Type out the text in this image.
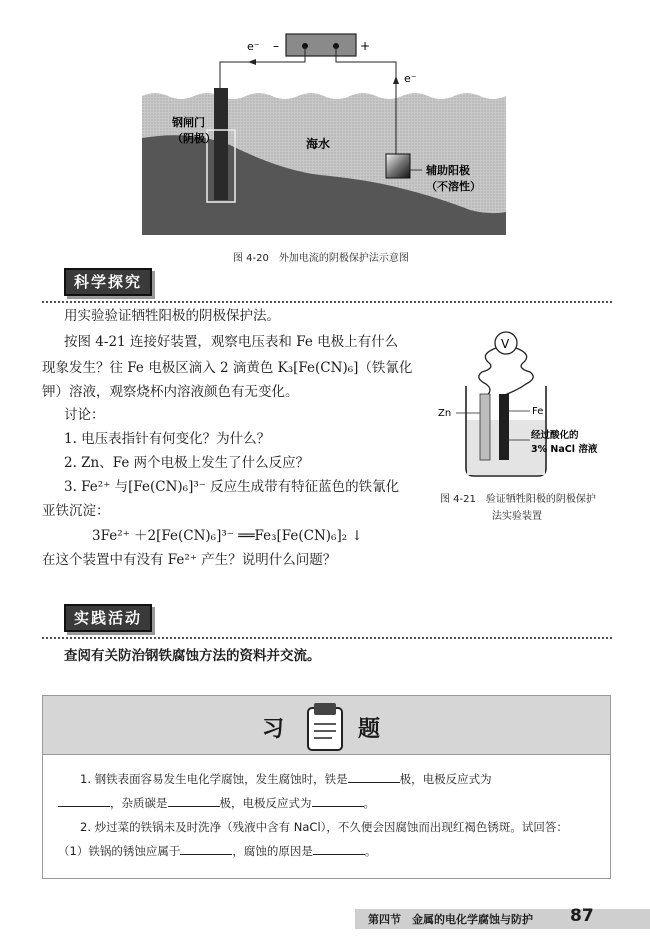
e⁻ –	+
e⁻
钢闸门
（阴极）	海水
辅助阳极
（不溶性）
图 4-20　外加电流的阴极保护法示意图
科学探究
用实验验证牺牲阳极的阴极保护法。
按图 4-21 连接好装置，观察电压表和 Fe 电极上有什么
现象发生？往 Fe 电极区滴入 2 滴黄色 K₃[Fe(CN)₆]（铁氰化
钾）溶液，观察烧杯内溶液颜色有无变化。
讨论：
1. 电压表指针有何变化？为什么？
2. Zn、Fe 两个电极上发生了什么反应？
3. Fe²⁺ 与[Fe(CN)₆]³⁻ 反应生成带有特征蓝色的铁氰化
亚铁沉淀：
3Fe²⁺ ＋2[Fe(CN)₆]³⁻ ══Fe₃[Fe(CN)₆]₂ ↓
在这个装置中有没有 Fe²⁺ 产生？说明什么问题？
V
Zn	Fe
经过酸化的
3% NaCl 溶液
图 4-21　验证牺牲阳极的阴极保护
法实验装置
实践活动
查阅有关防治钢铁腐蚀方法的资料并交流。
习	题
1. 钢铁表面容易发生电化学腐蚀，发生腐蚀时，铁是	极，电极反应式为
，杂质碳是	极，电极反应式为	。
2. 炒过菜的铁锅未及时洗净（残液中含有 NaCl），不久便会因腐蚀而出现红褐色锈斑。试回答：
（1）铁锅的锈蚀应属于	，腐蚀的原因是	。
第四节　金属的电化学腐蚀与防护 87
